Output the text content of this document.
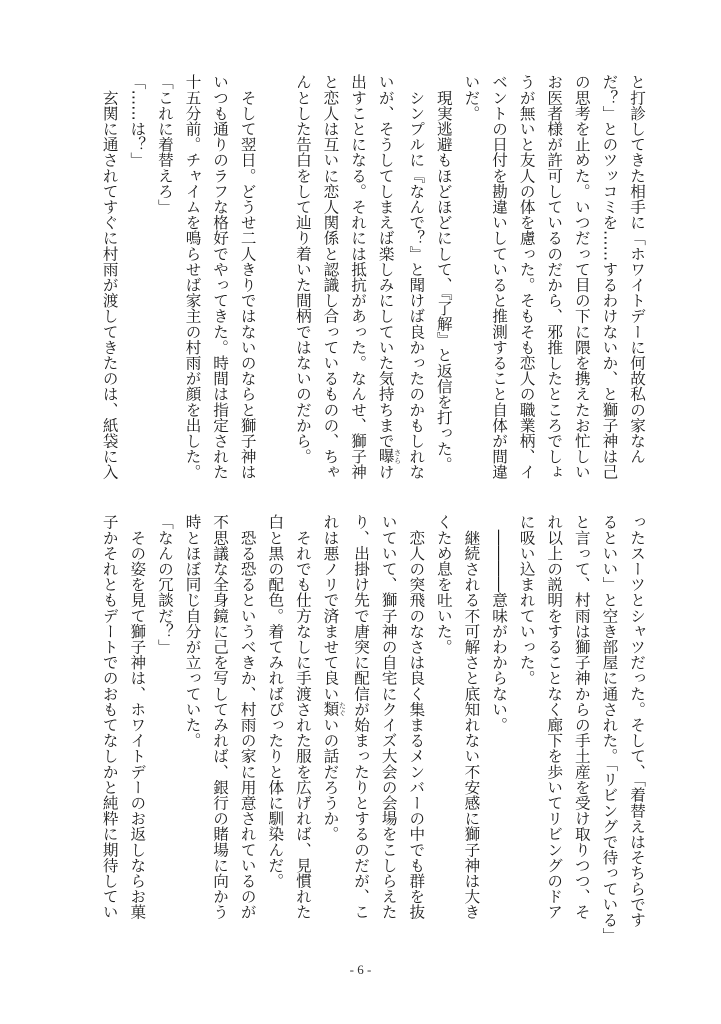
と打診してきた相手に「ホワイトデーに何故私の家なん

だ？」とのツッコミを……するわけないか、と獅子神は己

の思考を止めた。いつだって目の下に隈を携えたお忙しい

お医者様が許可しているのだから、邪推したところでしょ

うが無いと友人の体を慮った。そもそも恋人の職業柄、イ

ベントの日付を勘違いしていると推測すること自体が間違

いだ。

　現実逃避もほどほどにして、『了解』と返信を打った。

　シンプルに『なんで？』と聞けば良かったのかもしれな

いが、そうしてしまえば楽しみにしていた気持ちまで曝 さらけ

出すことになる。それには抵抗があった。なんせ、獅子神

と恋人は互いに恋人関係と認識し合っているものの、ちゃ

んとした告白をして辿り着いた間柄ではないのだから。

　そして翌日。どうせ二人きりではないのならと獅子神は

いつも通りのラフな格好でやってきた。時間は指定された

十五分前。チャイムを鳴らせば家主の村雨が顔を出した。

「これに着替えろ」

「……は？」

　玄関に通されてすぐに村雨が渡してきたのは、紙袋に入

ったスーツとシャツだった。そして、「着替えはそちらです

るといい」と空き部屋に通された。「リビングで待っている」

と言って、村雨は獅子神からの手土産を受け取りつつ、そ

れ以上の説明をすることなく廊下を歩いてリビングのドア

に吸い込まれていった。

　――――意味がわからない。

　継続される不可解さと底知れない不安感に獅子神は大き

くため息を吐いた。

　恋人の突飛のなさは良く集まるメンバーの中でも群を抜

いていて、獅子神の自宅にクイズ大会の会場をこしらえた

り、出掛け先で唐突に配信が始まったりとするのだが、こ

れは悪ノリで済ませて良い類 たぐいの話だろうか。

　それでも仕方なしに手渡された服を広げれば、見慣れた

白と黒の配色。着てみればぴったりと体に馴染んだ。

　恐る恐るというべきか、村雨の家に用意されているのが

不思議な全身鏡に己を写してみれば、銀行の賭場に向かう

時とほぼ同じ自分が立っていた。

「なんの冗談だ？」

　その姿を見て獅子神は、ホワイトデーのお返しならお菓

子かそれともデートでのおもてなしかと純粋に期待してい

- 6 -
